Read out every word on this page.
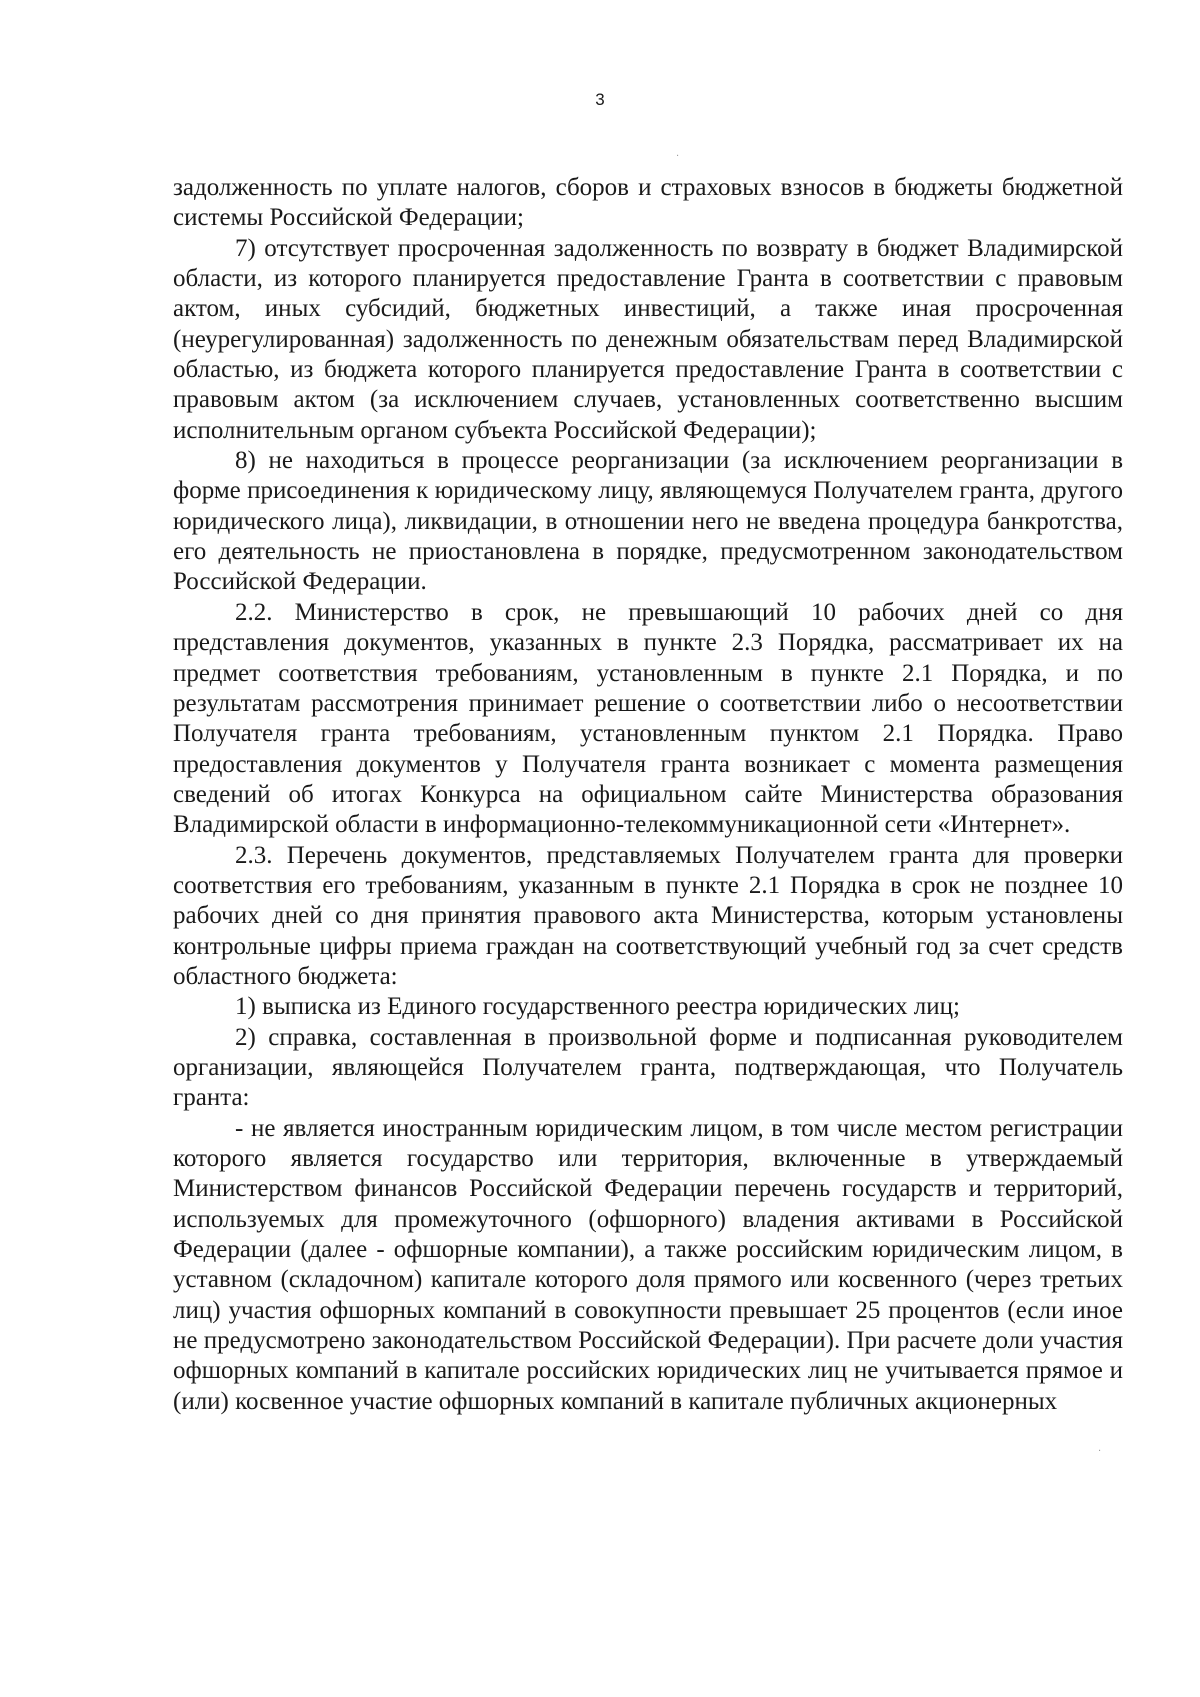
3
·
·

задолженность по уплате налогов, сборов и страховых взносов в бюджеты бюджетной системы Российской Федерации;

7) отсутствует просроченная задолженность по возврату в бюджет Владимирской области, из которого планируется предоставление Гранта в соответствии с правовым актом, иных субсидий, бюджетных инвестиций, а также иная просроченная (неурегулированная) задолженность по денежным обязательствам перед Владимирской областью, из бюджета которого планируется предоставление Гранта в соответствии с правовым актом (за исключением случаев, установленных соответственно высшим исполнительным органом субъекта Российской Федерации);

8) не находиться в процессе реорганизации (за исключением реорганизации в форме присоединения к юридическому лицу, являющемуся Получателем гранта, другого юридического лица), ликвидации, в отношении него не введена процедура банкротства, его деятельность не приостановлена в порядке, предусмотренном законодательством Российской Федерации.

2.2. Министерство в срок, не превышающий 10 рабочих дней со дня представления документов, указанных в пункте 2.3 Порядка, рассматривает их на предмет соответствия требованиям, установленным в пункте 2.1 Порядка, и по результатам рассмотрения принимает решение о соответствии либо о несоответствии Получателя гранта требованиям, установленным пунктом 2.1 Порядка. Право предоставления документов у Получателя гранта возникает с момента размещения сведений об итогах Конкурса на официальном сайте Министерства образования Владимирской области в информационно-телекоммуникационной сети «Интернет».

2.3. Перечень документов, представляемых Получателем гранта для проверки соответствия его требованиям, указанным в пункте 2.1 Порядка в срок не позднее 10 рабочих дней со дня принятия правового акта Министерства, которым установлены контрольные цифры приема граждан на соответствующий учебный год за счет средств областного бюджета:

1) выписка из Единого государственного реестра юридических лиц;

2) справка, составленная в произвольной форме и подписанная руководителем организации, являющейся Получателем гранта, подтверждающая, что Получатель гранта:

- не является иностранным юридическим лицом, в том числе местом регистрации которого является государство или территория, включенные в утверждаемый Министерством финансов Российской Федерации перечень государств и территорий, используемых для промежуточного (офшорного) владения активами в Российской Федерации (далее - офшорные компании), а также российским юридическим лицом, в уставном (складочном) капитале которого доля прямого или косвенного (через третьих лиц) участия офшорных компаний в совокупности превышает 25 процентов (если иное не предусмотрено законодательством Российской Федерации). При расчете доли участия офшорных компаний в капитале российских юридических лиц не учитывается прямое и (или) косвенное участие офшорных компаний в капитале публичных акционерных
